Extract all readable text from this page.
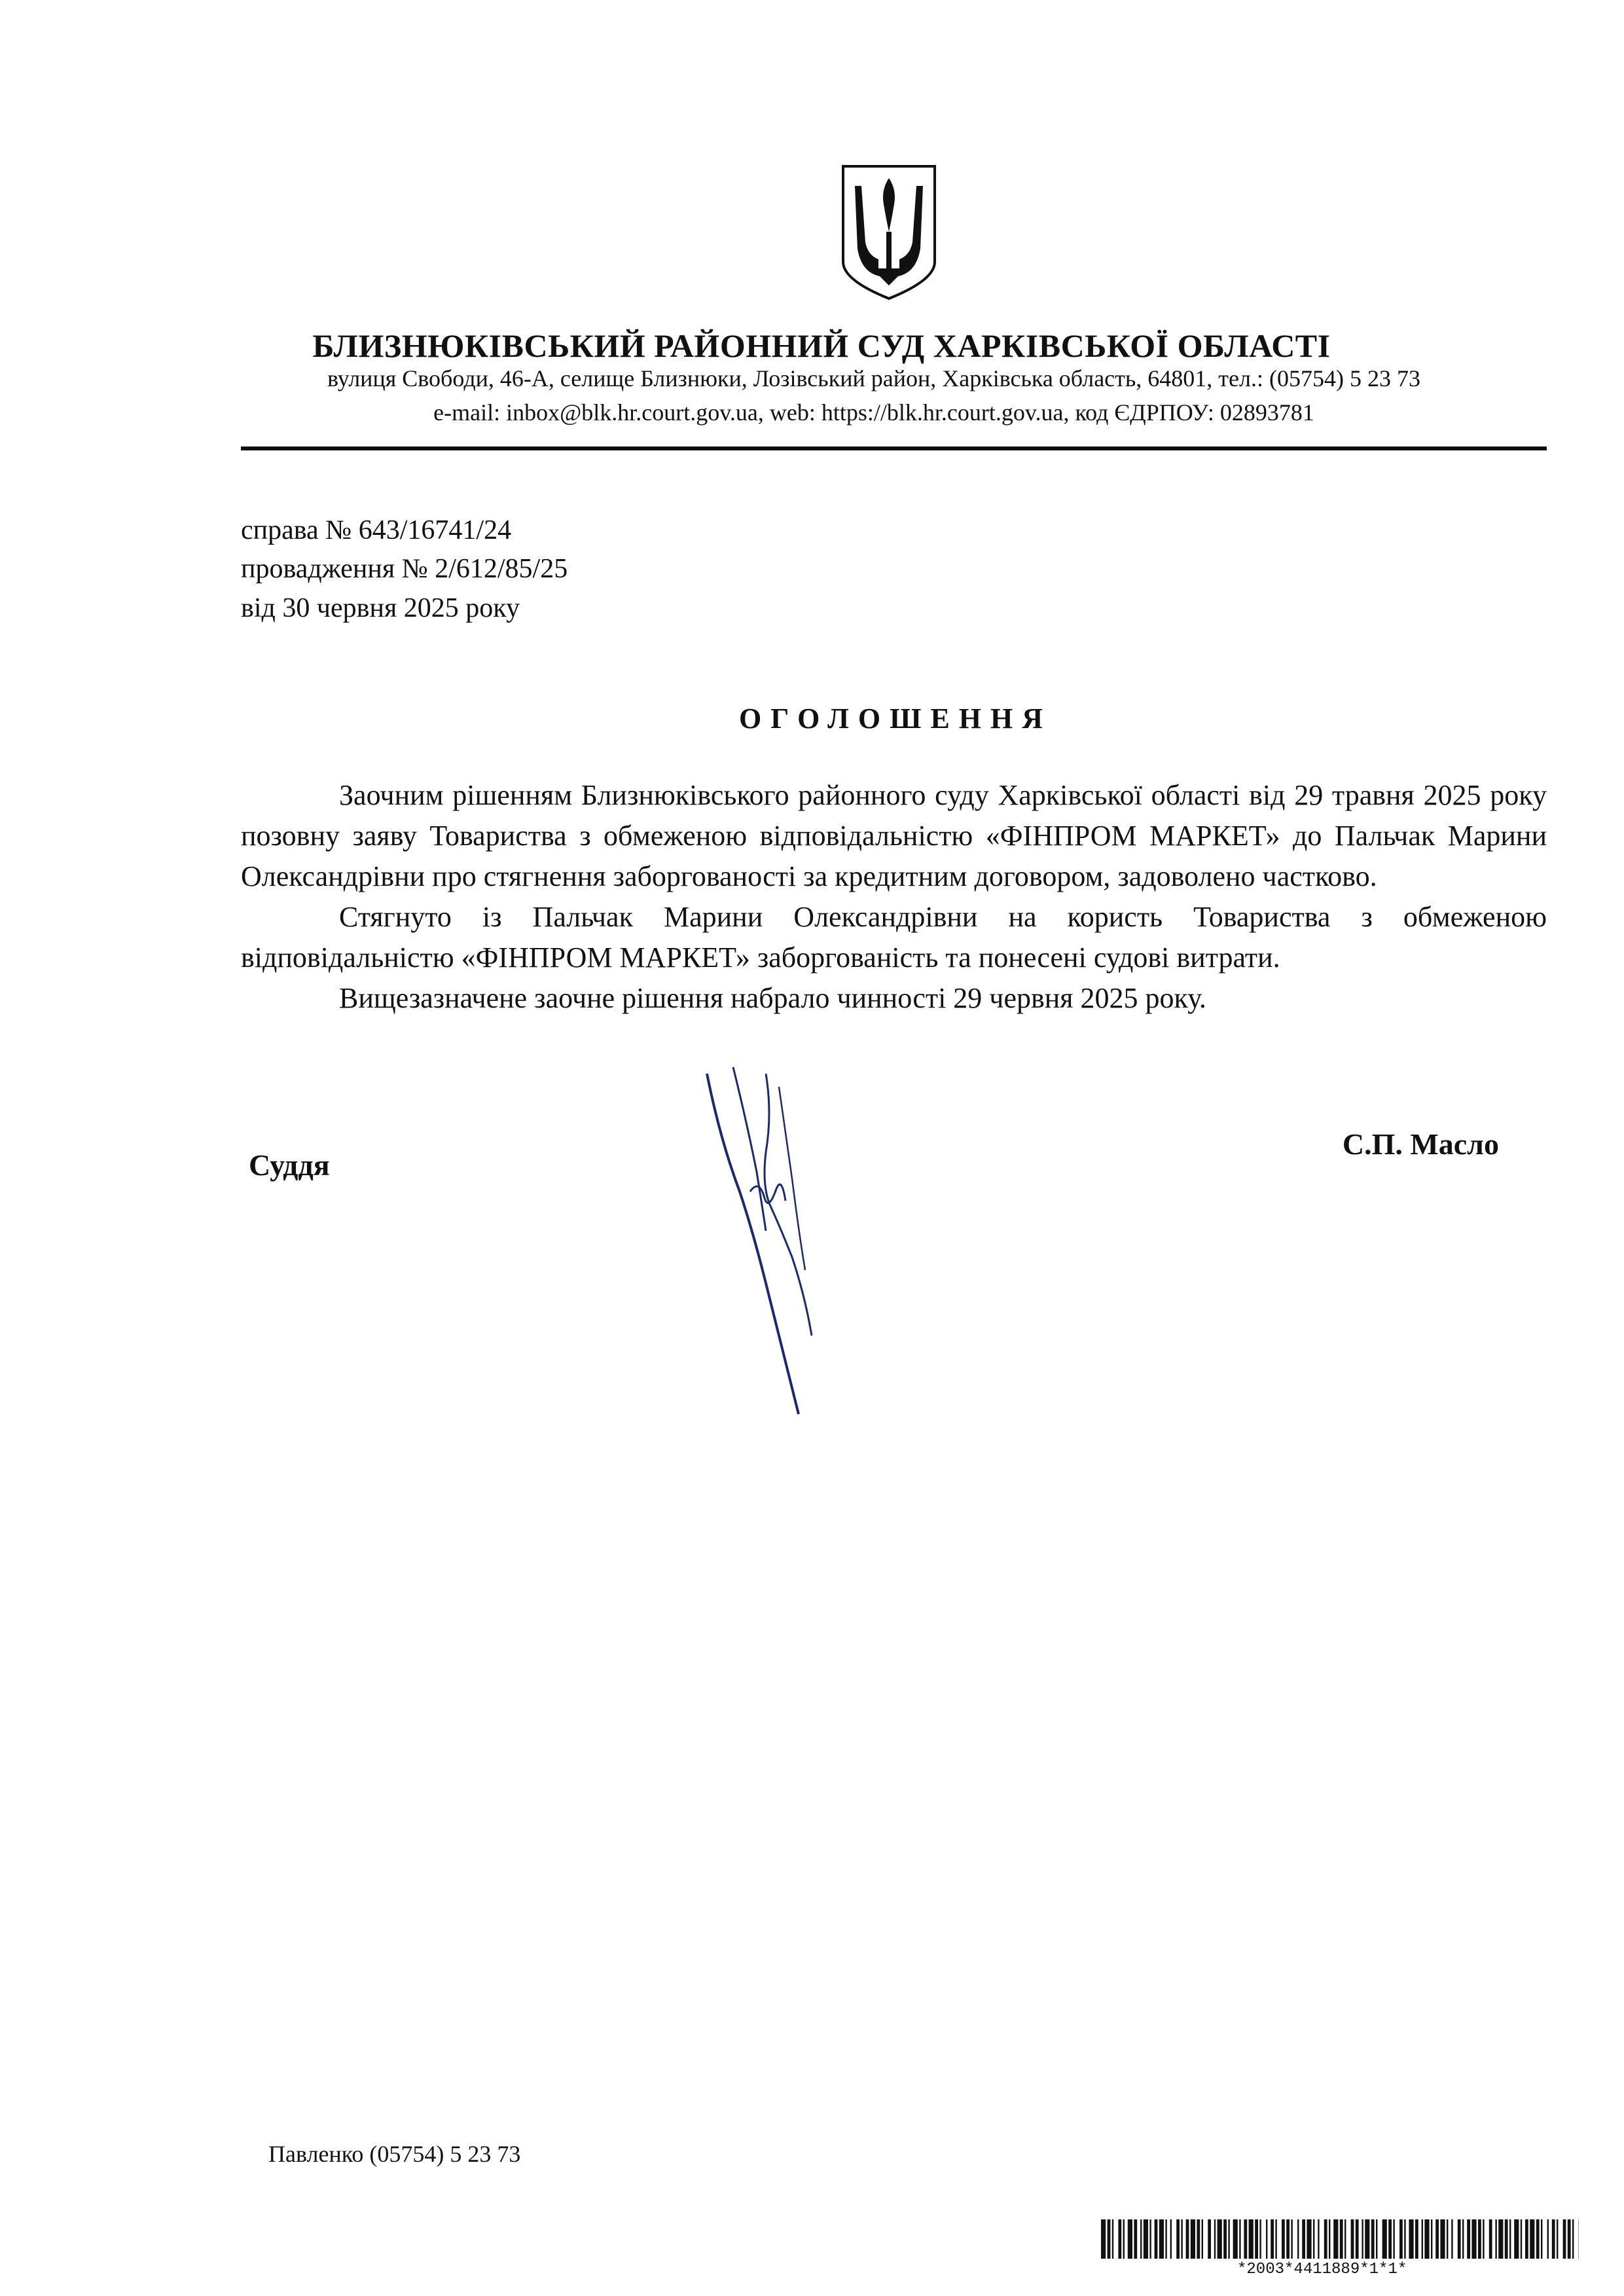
БЛИЗНЮКІВСЬКИЙ РАЙОННИЙ СУД ХАРКІВСЬКОЇ ОБЛАСТІ
вулиця Свободи, 46-А, селище Близнюки, Лозівський район, Харківська область, 64801, тел.: (05754) 5 23 73
e-mail: inbox@blk.hr.court.gov.ua, web: https://blk.hr.court.gov.ua, код ЄДРПОУ: 02893781
справа № 643/16741/24
провадження № 2/612/85/25
від 30 червня 2025 року
ОГОЛОШЕННЯ

Заочним рішенням Близнюківського районного суду Харківської області від 29 травня 2025 року позовну заяву Товариства з обмеженою відповідальністю «ФІНПРОМ МАРКЕТ» до Пальчак Марини Олександрівни про стягнення заборгованості за кредитним договором, задоволено частково.

Стягнуто із Пальчак Марини Олександрівни на користь Товариства з обмеженою відповідальністю «ФІНПРОМ МАРКЕТ» заборгованість та понесені судові витрати.

Вищезазначене заочне рішення набрало чинності 29 червня 2025 року.

Суддя
С.П. Масло
Павленко (05754) 5 23 73
*2003*4411889*1*1*
